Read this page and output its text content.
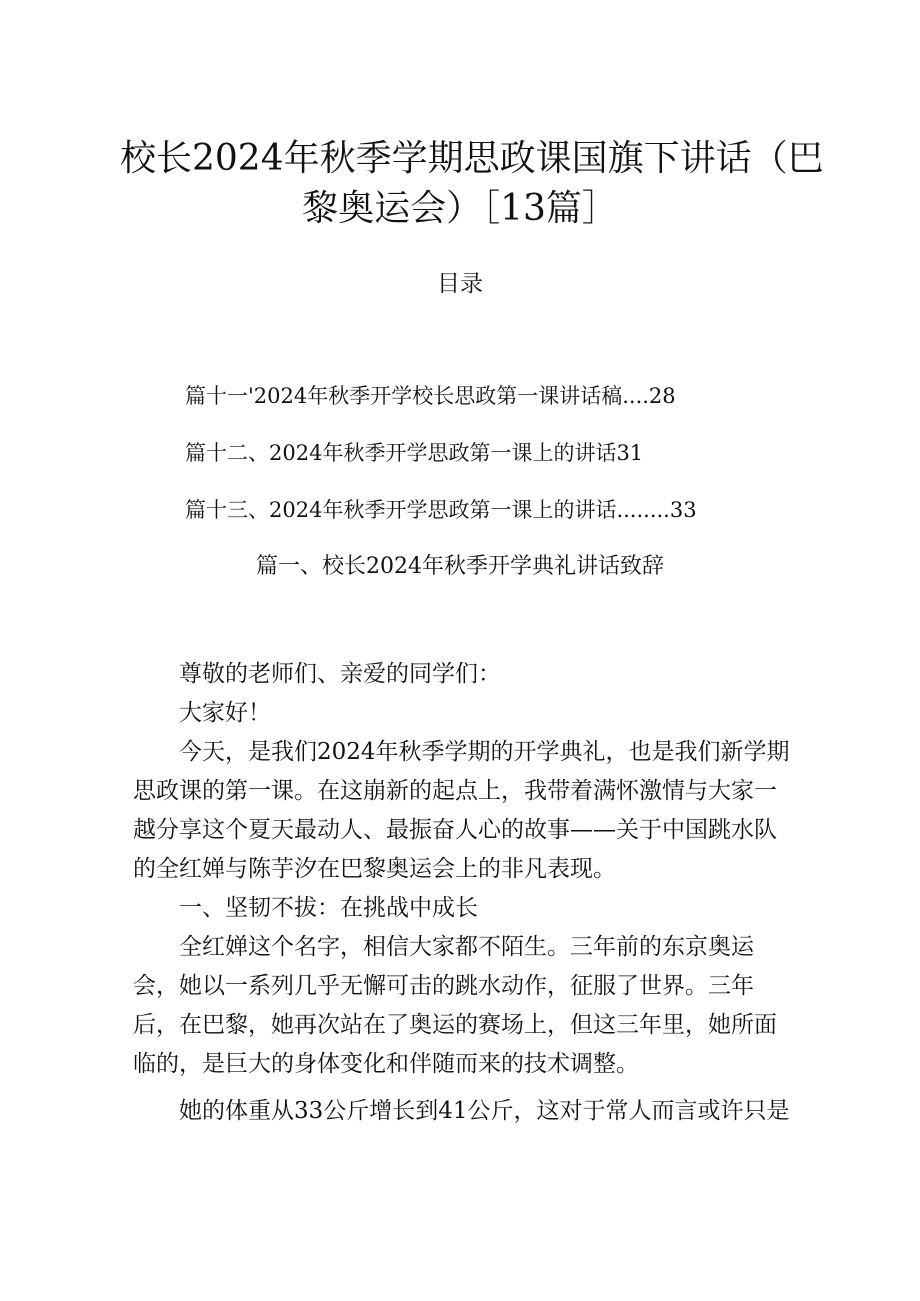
校长2024年秋季学期思政课国旗下讲话（巴
黎奥运会）［13篇］
目录
篇十一'2024年秋季开学校长思政第一课讲话稿....28
篇十二、2024年秋季开学思政第一课上的讲话31
篇十三、2024年秋季开学思政第一课上的讲话........33
篇一、校长2024年秋季开学典礼讲话致辞

尊敬的老师们、亲爱的同学们：

大家好！

今天，是我们2024年秋季学期的开学典礼，也是我们新学期思政课的第一课。在这崩新的起点上，我带着满怀激情与大家一越分享这个夏天最动人、最振奋人心的故事——关于中国跳水队的全红婵与陈芋汐在巴黎奥运会上的非凡表现。

一、坚韧不拔：在挑战中成长

全红婵这个名字，相信大家都不陌生。三年前的东京奥运会，她以一系列几乎无懈可击的跳水动作，征服了世界。三年后，在巴黎，她再次站在了奥运的赛场上，但这三年里，她所面临的，是巨大的身体变化和伴随而来的技术调整。

她的体重从33公斤增长到41公斤，这对于常人而言或许只是
